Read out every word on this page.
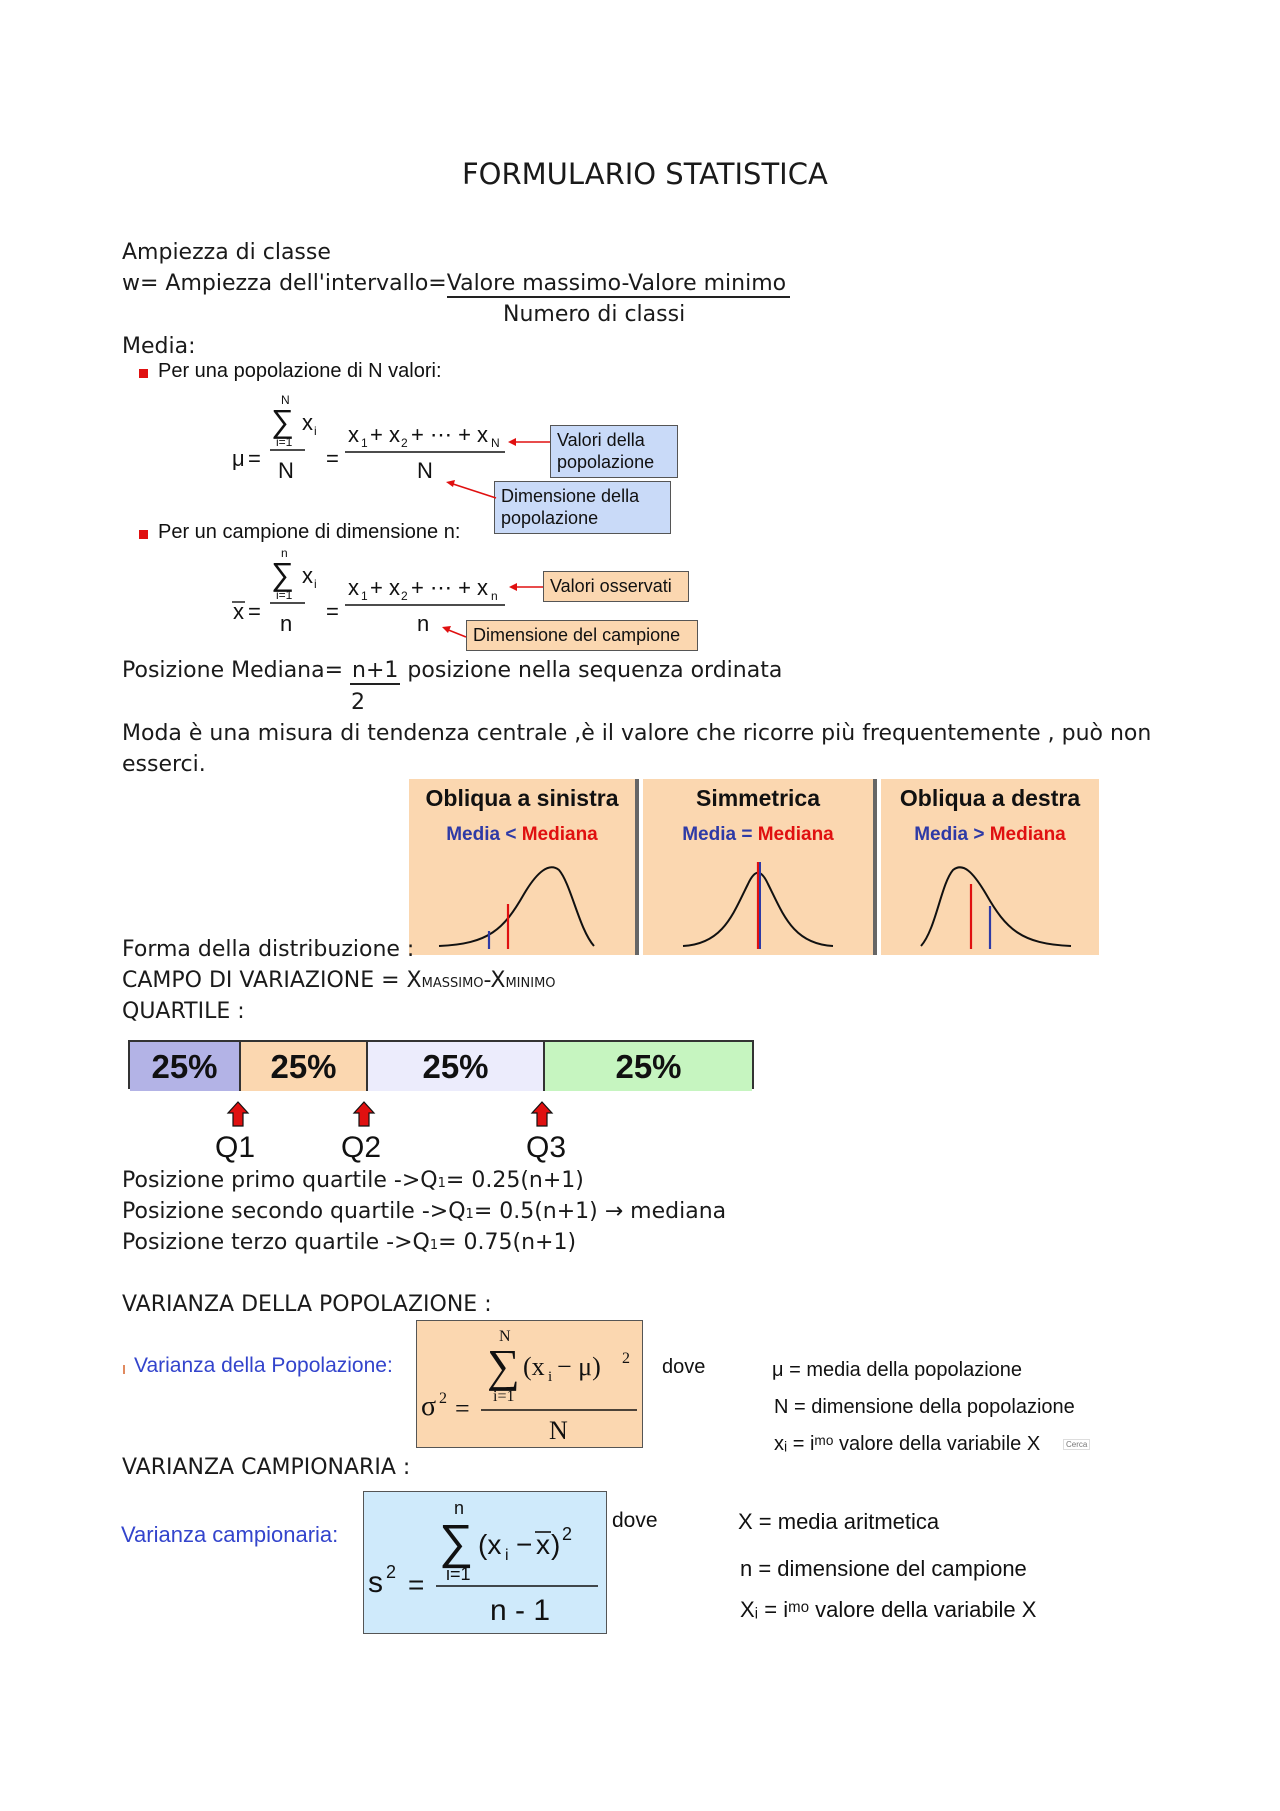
FORMULARIO STATISTICA
Ampiezza di classe
w= Ampiezza dell'intervallo=Valore massimo-Valore minimo
Numero di classi
Media:
Per una popolazione di N valori:
N
∑ x i
i=1
N
μ =	=
x 1 + x 2 + ⋯ + x N
N
Valori della
popolazione
Dimensione della
popolazione
Per un campione di dimensione n:
n
∑ x i
i=1
n
x =	=
x 1 + x 2 + ⋯ + x n
n
Valori osservati
Dimensione del campione
Posizione Mediana= n+1 posizione nella sequenza ordinata
2
Moda è una misura di tendenza centrale ,è il valore che ricorre più frequentemente , può non
esserci.
Obliqua a sinistra
Media < Mediana
Simmetrica
Media = Mediana
Obliqua a destra
Media > Mediana
Forma della distribuzione :
CAMPO DI VARIAZIONE = XMASSIMO-XMINIMO
QUARTILE :
25%	25%	25%	25%
Q1	Q2	Q3
Posizione primo quartile ->Q1= 0.25(n+1)
Posizione secondo quartile ->Q1= 0.5(n+1) → mediana
Posizione terzo quartile ->Q1= 0.75(n+1)
VARIANZA DELLA POPOLAZIONE :
Varianza della Popolazione:
N
∑ (x i − μ) 2
i=1
σ 2 =
N
dove	μ = media della popolazione
N = dimensione della popolazione
xᵢ = iᵐᵒ valore della variabile X	Cerca
VARIANZA CAMPIONARIA :
Varianza campionaria:
n
∑ (x i − x ) 2
i=1
s 2 =
n - 1
dove	X = media aritmetica
n = dimensione del campione
Xᵢ = iᵐᵒ valore della variabile X
